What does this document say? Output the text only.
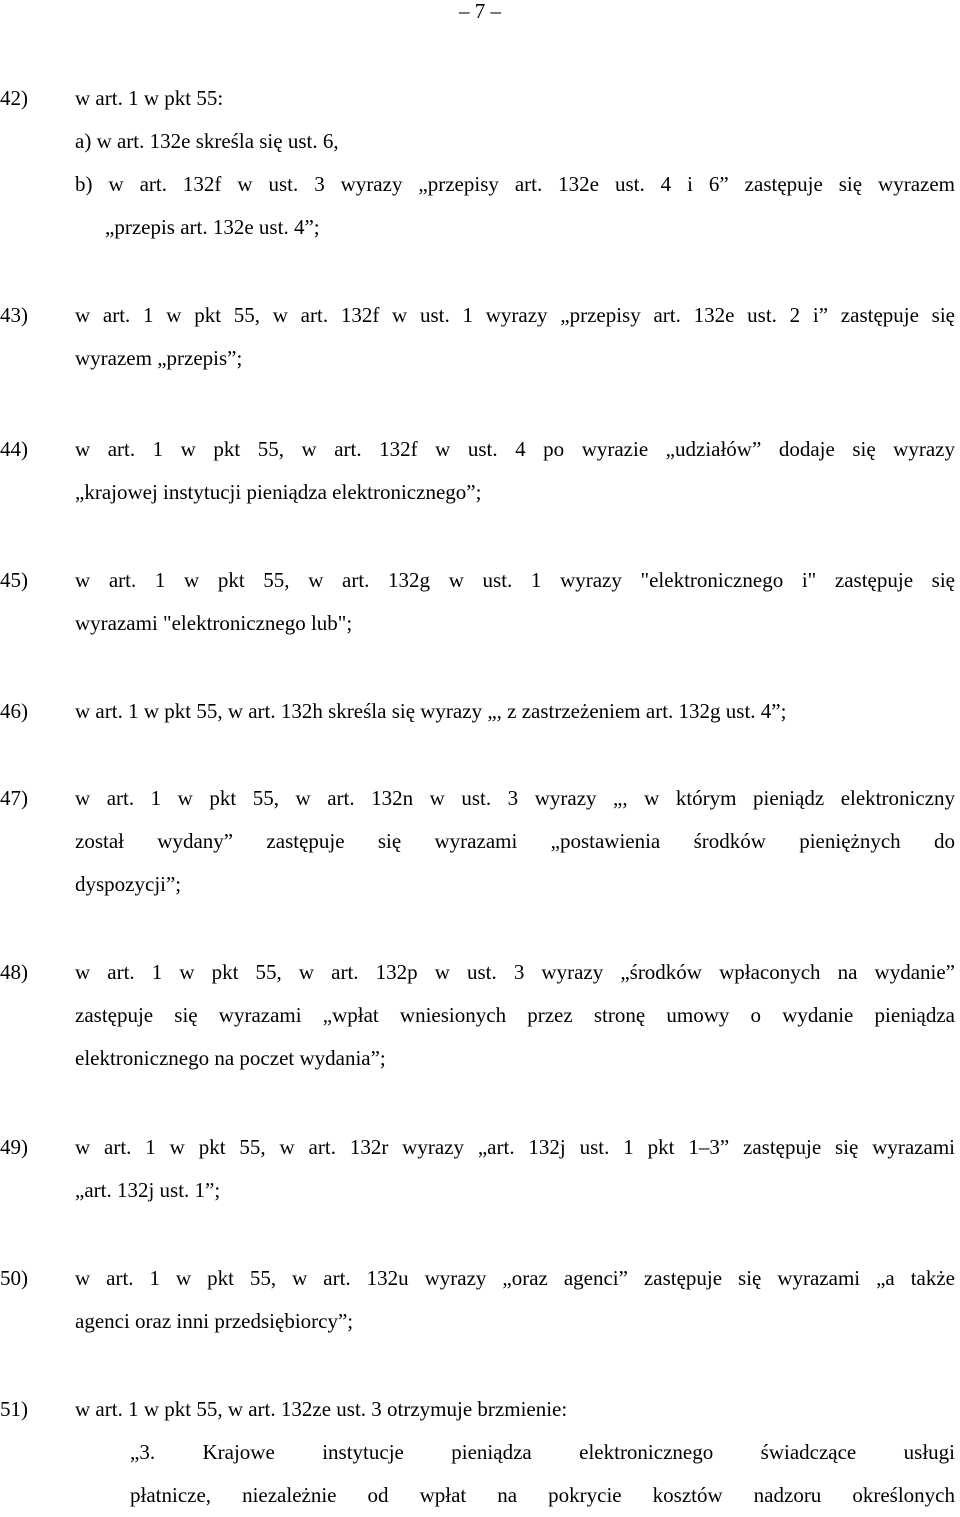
– 7 –
42)	w art. 1 w pkt 55:
a) w art. 132e skreśla się ust. 6,
b) w art. 132f w ust. 3 wyrazy „przepisy art. 132e ust. 4 i 6” zastępuje się wyrazem
„przepis art. 132e ust. 4”;
43)	w art. 1 w pkt 55, w art. 132f w ust. 1 wyrazy „przepisy art. 132e ust. 2 i” zastępuje się
wyrazem „przepis”;
44)	w art. 1 w pkt 55, w art. 132f w ust. 4 po wyrazie „udziałów” dodaje się wyrazy
„krajowej instytucji pieniądza elektronicznego”;
45)	w art. 1 w pkt 55, w art. 132g w ust. 1 wyrazy "elektronicznego i" zastępuje się
wyrazami "elektronicznego lub";
46)	w art. 1 w pkt 55, w art. 132h skreśla się wyrazy „, z zastrzeżeniem art. 132g ust. 4”;
47)	w art. 1 w pkt 55, w art. 132n w ust. 3 wyrazy „, w którym pieniądz elektroniczny
został wydany” zastępuje się wyrazami „postawienia środków pieniężnych do
dyspozycji”;
48)	w art. 1 w pkt 55, w art. 132p w ust. 3 wyrazy „środków wpłaconych na wydanie”
zastępuje się wyrazami „wpłat wniesionych przez stronę umowy o wydanie pieniądza
elektronicznego na poczet wydania”;
49)	w art. 1 w pkt 55, w art. 132r wyrazy „art. 132j ust. 1 pkt 1–3” zastępuje się wyrazami
„art. 132j ust. 1”;
50)	w art. 1 w pkt 55, w art. 132u wyrazy „oraz agenci” zastępuje się wyrazami „a także
agenci oraz inni przedsiębiorcy”;
51)	w art. 1 w pkt 55, w art. 132ze ust. 3 otrzymuje brzmienie:
„3. Krajowe instytucje pieniądza elektronicznego świadczące usługi
płatnicze, niezależnie od wpłat na pokrycie kosztów nadzoru określonych
